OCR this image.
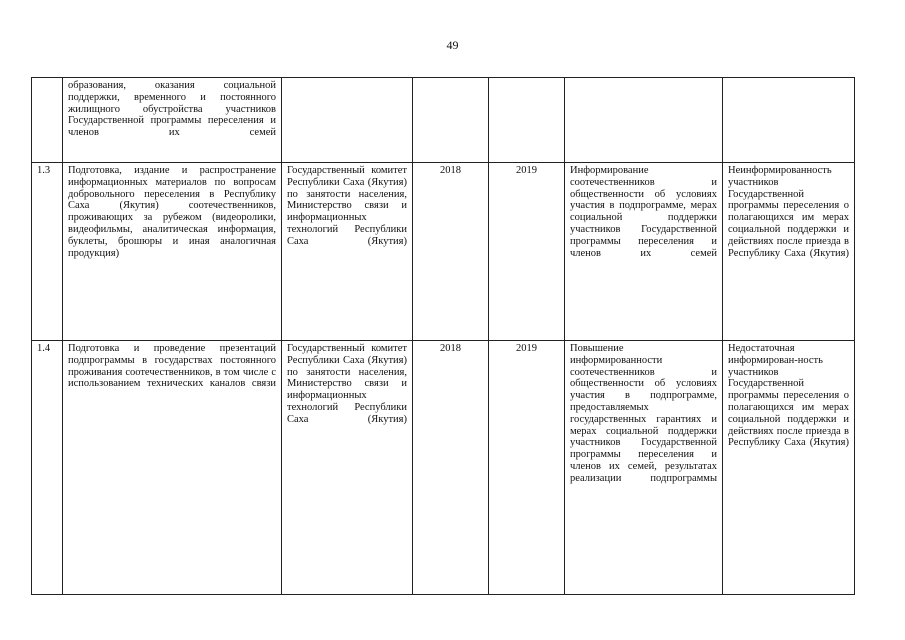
49
	образования, оказания социальной поддержки, временного и постоянного жилищного обустройства участников Государственной программы переселения и членов их семей					
1.3	Подготовка, издание и распространение информационных материалов по вопросам добровольного переселения в Республику Саха (Якутия) соотечественников, проживающих за рубежом (видеоролики, видеофильмы, аналитическая информация, буклеты, брошюры и иная аналогичная продукция)	Государственный комитет Республики Саха (Якутия) по занятости населения, Министерство связи и информационных технологий Республики Саха (Якутия)	2018	2019	Информирование соотечественников и общественности об условиях участия в подпрограмме, мерах социальной поддержки участников Государственной программы переселения и членов их семей	Неинформированность участников Государственной программы переселения о полагающихся им мерах социальной поддержки и действиях после приезда в Республику Саха (Якутия)
1.4	Подготовка и проведение презентаций подпрограммы в государствах постоянного проживания соотечественников, в том числе с использованием технических каналов связи	Государственный комитет Республики Саха (Якутия) по занятости населения, Министерство связи и информационных технологий Республики Саха (Якутия)	2018	2019	Повышение информированности соотечественников и общественности об условиях участия в подпрограмме, предоставляемых государственных гарантиях и мерах социальной поддержки участников Государственной программы переселения и членов их семей, результатах реализации подпрограммы	Недостаточная информирован-ность участников Государственной программы переселения о полагающихся им мерах социальной поддержки и действиях после приезда в Республику Саха (Якутия)
